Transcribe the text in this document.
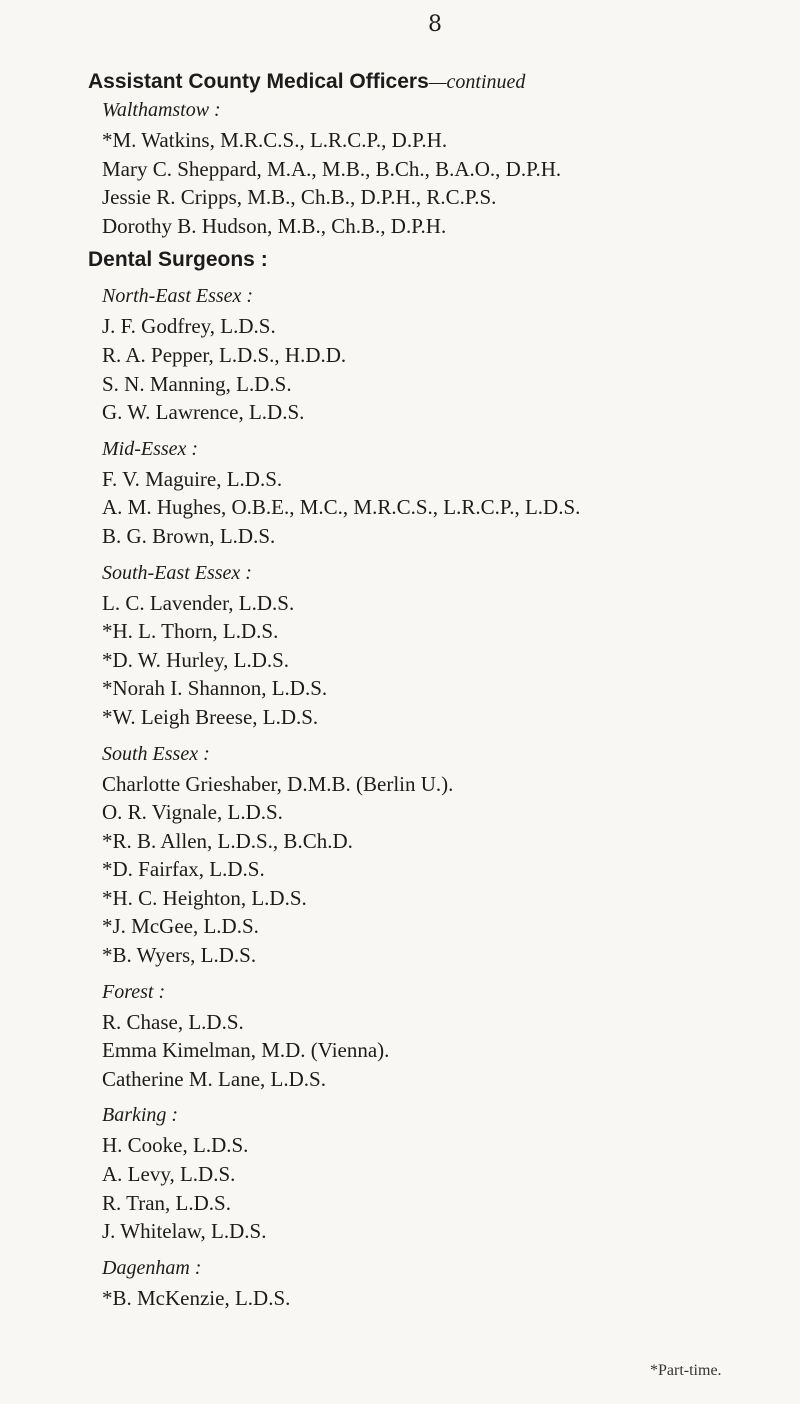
8
Assistant County Medical Officers—continued
Walthamstow :
*M. Watkins, M.R.C.S., L.R.C.P., D.P.H.
Mary C. Sheppard, M.A., M.B., B.Ch., B.A.O., D.P.H.
Jessie R. Cripps, M.B., Ch.B., D.P.H., R.C.P.S.
Dorothy B. Hudson, M.B., Ch.B., D.P.H.
Dental Surgeons :
North-East Essex :
J. F. Godfrey, L.D.S.
R. A. Pepper, L.D.S., H.D.D.
S. N. Manning, L.D.S.
G. W. Lawrence, L.D.S.
Mid-Essex :
F. V. Maguire, L.D.S.
A. M. Hughes, O.B.E., M.C., M.R.C.S., L.R.C.P., L.D.S.
B. G. Brown, L.D.S.
South-East Essex :
L. C. Lavender, L.D.S.
*H. L. Thorn, L.D.S.
*D. W. Hurley, L.D.S.
*Norah I. Shannon, L.D.S.
*W. Leigh Breese, L.D.S.
South Essex :
Charlotte Grieshaber, D.M.B. (Berlin U.).
O. R. Vignale, L.D.S.
*R. B. Allen, L.D.S., B.Ch.D.
*D. Fairfax, L.D.S.
*H. C. Heighton, L.D.S.
*J. McGee, L.D.S.
*B. Wyers, L.D.S.
Forest :
R. Chase, L.D.S.
Emma Kimelman, M.D. (Vienna).
Catherine M. Lane, L.D.S.
Barking :
H. Cooke, L.D.S.
A. Levy, L.D.S.
R. Tran, L.D.S.
J. Whitelaw, L.D.S.
Dagenham :
*B. McKenzie, L.D.S.
*Part-time.
